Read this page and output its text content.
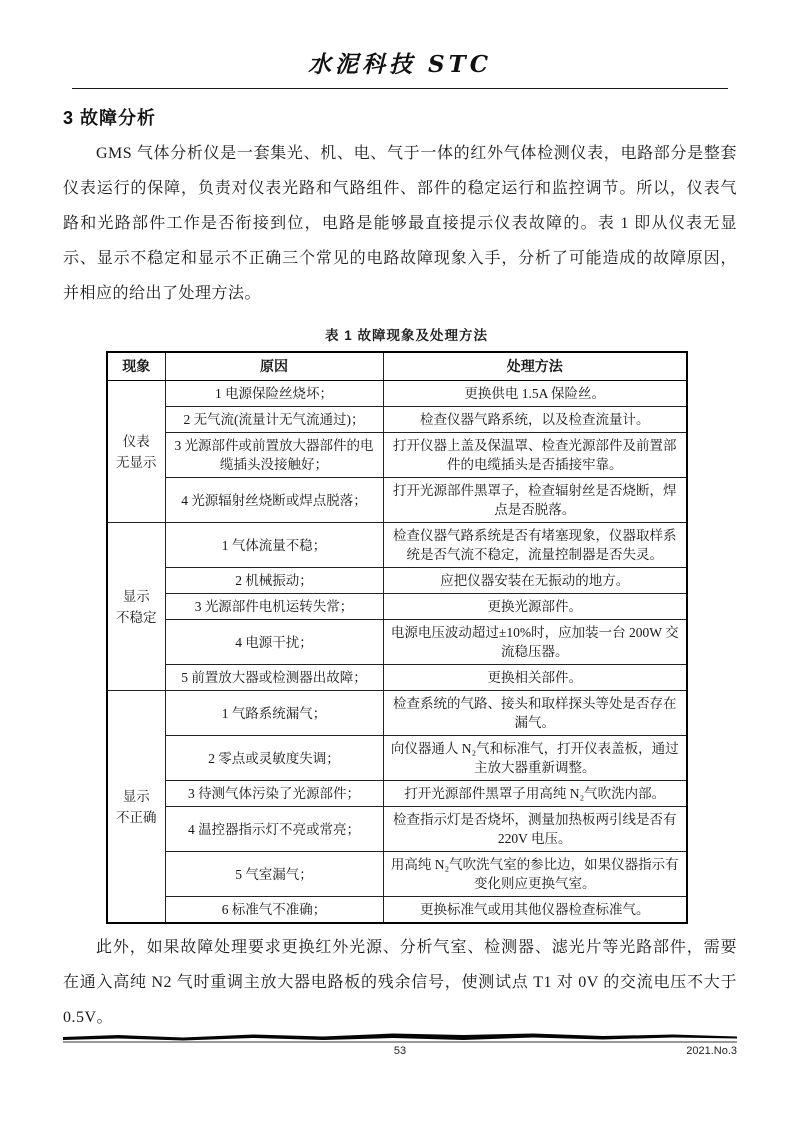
水泥科技 STC
3 故障分析

GMS 气体分析仪是一套集光、机、电、气于一体的红外气体检测仪表，电路部分是整套仪表运行的保障，负责对仪表光路和气路组件、部件的稳定运行和监控调节。所以，仪表气路和光路部件工作是否衔接到位，电路是能够最直接提示仪表故障的。表 1 即从仪表无显示、显示不稳定和显示不正确三个常见的电路故障现象入手，分析了可能造成的故障原因，并相应的给出了处理方法。

表 1 故障现象及处理方法
现象	原因	处理方法
仪表
无显示	1 电源保险丝烧坏；	更换供电 1.5A 保险丝。
	2 无气流(流量计无气流通过)；	检查仪器气路系统，以及检查流量计。
	3 光源部件或前置放大器部件的电缆插头没接触好；	打开仪器上盖及保温罩、检查光源部件及前置部件的电缆插头是否插接牢靠。
	4 光源辐射丝烧断或焊点脱落；	打开光源部件黑罩子，检查辐射丝是否烧断，焊点是否脱落。
显示
不稳定	1 气体流量不稳；	检查仪器气路系统是否有堵塞现象，仪器取样系统是否气流不稳定，流量控制器是否失灵。
	2 机械振动；	应把仪器安装在无振动的地方。
	3 光源部件电机运转失常；	更换光源部件。
	4 电源干扰；	电源电压波动超过±10%时，应加装一台 200W 交流稳压器。
	5 前置放大器或检测器出故障；	更换相关部件。
显示
不正确	1 气路系统漏气；	检查系统的气路、接头和取样探头等处是否存在漏气。
	2 零点或灵敏度失调；	向仪器通人 N₂气和标准气，打开仪表盖板，通过主放大器重新调整。
	3 待测气体污染了光源部件；	打开光源部件黑罩子用高纯 N₂气吹洗内部。
	4 温控器指示灯不亮或常亮；	检查指示灯是否烧坏，测量加热板两引线是否有 220V 电压。
	5 气室漏气；	用高纯 N₂气吹洗气室的参比边，如果仪器指示有变化则应更换气室。
	6 标准气不准确；	更换标准气或用其他仪器检查标准气。

此外，如果故障处理要求更换红外光源、分析气室、检测器、滤光片等光路部件，需要在通入高纯 N2 气时重调主放大器电路板的残余信号，使测试点 T1 对 0V 的交流电压不大于 0.5V。

53	2021.No.3
